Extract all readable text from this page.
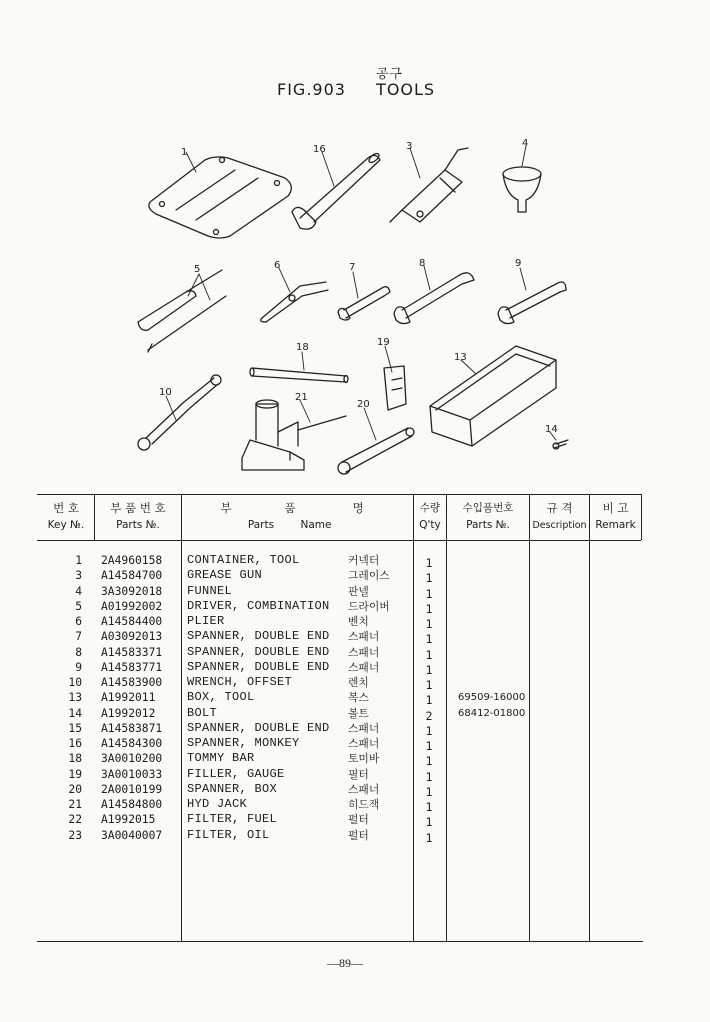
공구
FIG.903 TOOLS
1	16	3	4
5	6	7	8	9
18	19
13
10	21
20
14
번 호
Key №.
부 품 번 호
Parts №.
부	품	명
Parts	Name
수량
Q'ty
수입품번호
Parts №.
규 격
Description
비 고
Remark
1 2A4960158 CONTAINER, TOOL	커넥터	1
3 A14584700 GREASE GUN	그레이스	1
4 3A3092018 FUNNEL	판넬	1
5 A01992002 DRIVER, COMBINATION 드라이버	1
6 A14584400 PLIER	벤치	1
7 A03092013 SPANNER, DOUBLE END 스패너	1
8 A14583371 SPANNER, DOUBLE END 스패너	1
9 A14583771 SPANNER, DOUBLE END 스패너	1
10 A14583900 WRENCH, OFFSET	렌치	1
13 A1992011	BOX, TOOL	복스	1	69509-16000
14 A1992012	BOLT	볼트	2	68412-01800
15 A14583871 SPANNER, DOUBLE END 스패너	1
16 A14584300 SPANNER, MONKEY	스패너	1
18 3A0010200 TOMMY BAR	토미바	1
19 3A0010033 FILLER, GAUGE	필터	1
20 2A0010199 SPANNER, BOX	스패너	1
21 A14584800 HYD JACK	히드잭	1
22 A1992015	FILTER, FUEL	펄터	1
23 3A0040007 FILTER, OIL	펄터	1
—89—
